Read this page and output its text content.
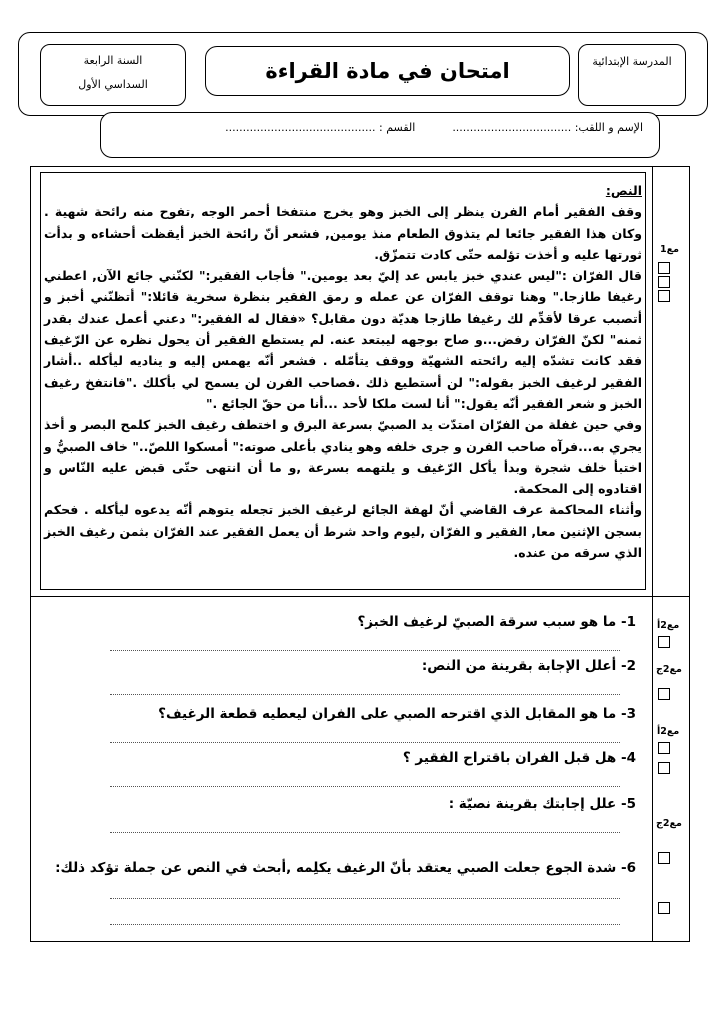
المدرسة الإبتدائية
امتحان في مادة القراءة
السنة الرابعة
السداسي الأول
الإسم و اللقب: ..................................  القسم : ...........................................
النص:

وقف الفقير أمام الفرن ينظر إلى الخبز وهو يخرج منتفخا أحمر الوجه ,تفوح منه رائحة شهية . وكان هذا الفقير جائعا لم يتذوق الطعام منذ يومين, فشعر أنّ رائحة الخبز أيقظت أحشاءه و بدأت ثورتها عليه و أخذت تؤلمه حتّى كادت تتمزّق.

قال الفرّان :"ليس عندي خبز يابس عد إليّ بعد يومين." فأجاب الفقير:" لكنّني جائع الآن, اعطني رغيفا طازجا." وهنا توقف الفرّان عن عمله و رمق الفقير بنظرة سخرية قائلا:" أتظنّني أخبز و أتصبب عرقا لأقدِّم لك رغيفا طازجا هديّة دون مقابل؟ «فقال له الفقير:" دعني أعمل عندك بقدر ثمنه" لكنّ الفرّان رفض...و صاح بوجهه ليبتعد عنه. لم يستطع الفقير أن يحول نظره عن الرّغيف فقد كانت تشدّه إليه رائحته الشهيّة ووقف يتأمّله . فشعر أنّه يهمس إليه و يناديه ليأكله ..أشار الفقير لرغيف الخبز بقوله:" لن أستطيع ذلك .فصاحب الفرن لن يسمح لي بأكلك ."فانتفخ رغيف الخبز و شعر الفقير أنّه يقول:" أنا لست ملكا لأحد ...أنا من حقّ الجائع ."

وفي حين غفلة من الفرّان امتدّت يد الصبيّ بسرعة البرق و اختطف رغيف الخبز كلمح البصر و أخذ يجري به...فرآه صاحب الفرن و جرى خلفه وهو ينادي بأعلى صوته:" أمسكوا اللصّ.." خاف الصبيُّ و اختبأ خلف شجرة وبدأ يأكل الرّغيف و يلتهمه بسرعة ,و ما أن انتهى حتّى قبض عليه النّاس و اقتادوه إلى المحكمة.

وأثناء المحاكمة عرف القاضي أنّ لهفة الجائع لرغيف الخبز تجعله يتوهم أنّه يدعوه ليأكله . فحكم بسجن الإثنين معا, الفقير و الفرّان ,ليوم واحد شرط أن يعمل الفقير عند الفرّان بثمن رغيف الخبز الذي سرقه من عنده.

مع1
مع2أ
مع2ج
مع2أ
مع2ج
1- ما هو سبب سرقة الصبيّ لرغيف الخبز؟
2- أعلل الإجابة بقرينة من النص:
3- ما هو المقابل الذي اقترحه الصبي على الفران ليعطيه قطعة الرغيف؟
4- هل قبل الفران باقتراح الفقير ؟
5- علل إجابتك بقرينة نصيّة :
6- شدة الجوع جعلت الصبي يعتقد بأنّ الرغيف يكلِمه ,أبحث في النص عن جملة تؤكد ذلك:
